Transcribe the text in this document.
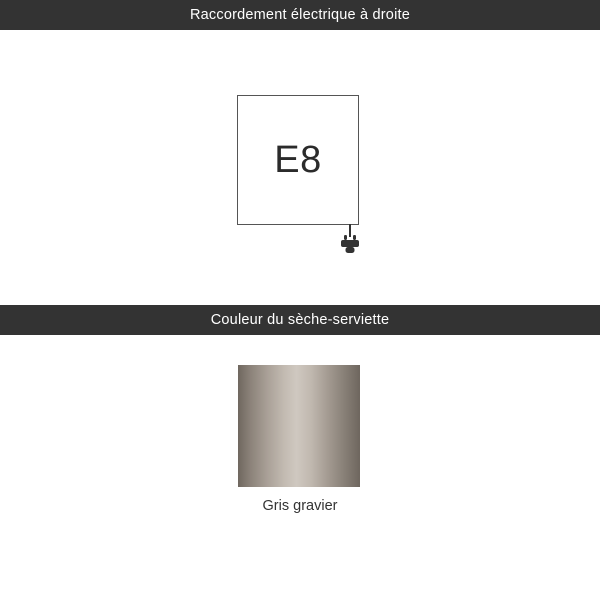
Raccordement électrique à droite
E8
Couleur du sèche-serviette
Gris gravier
